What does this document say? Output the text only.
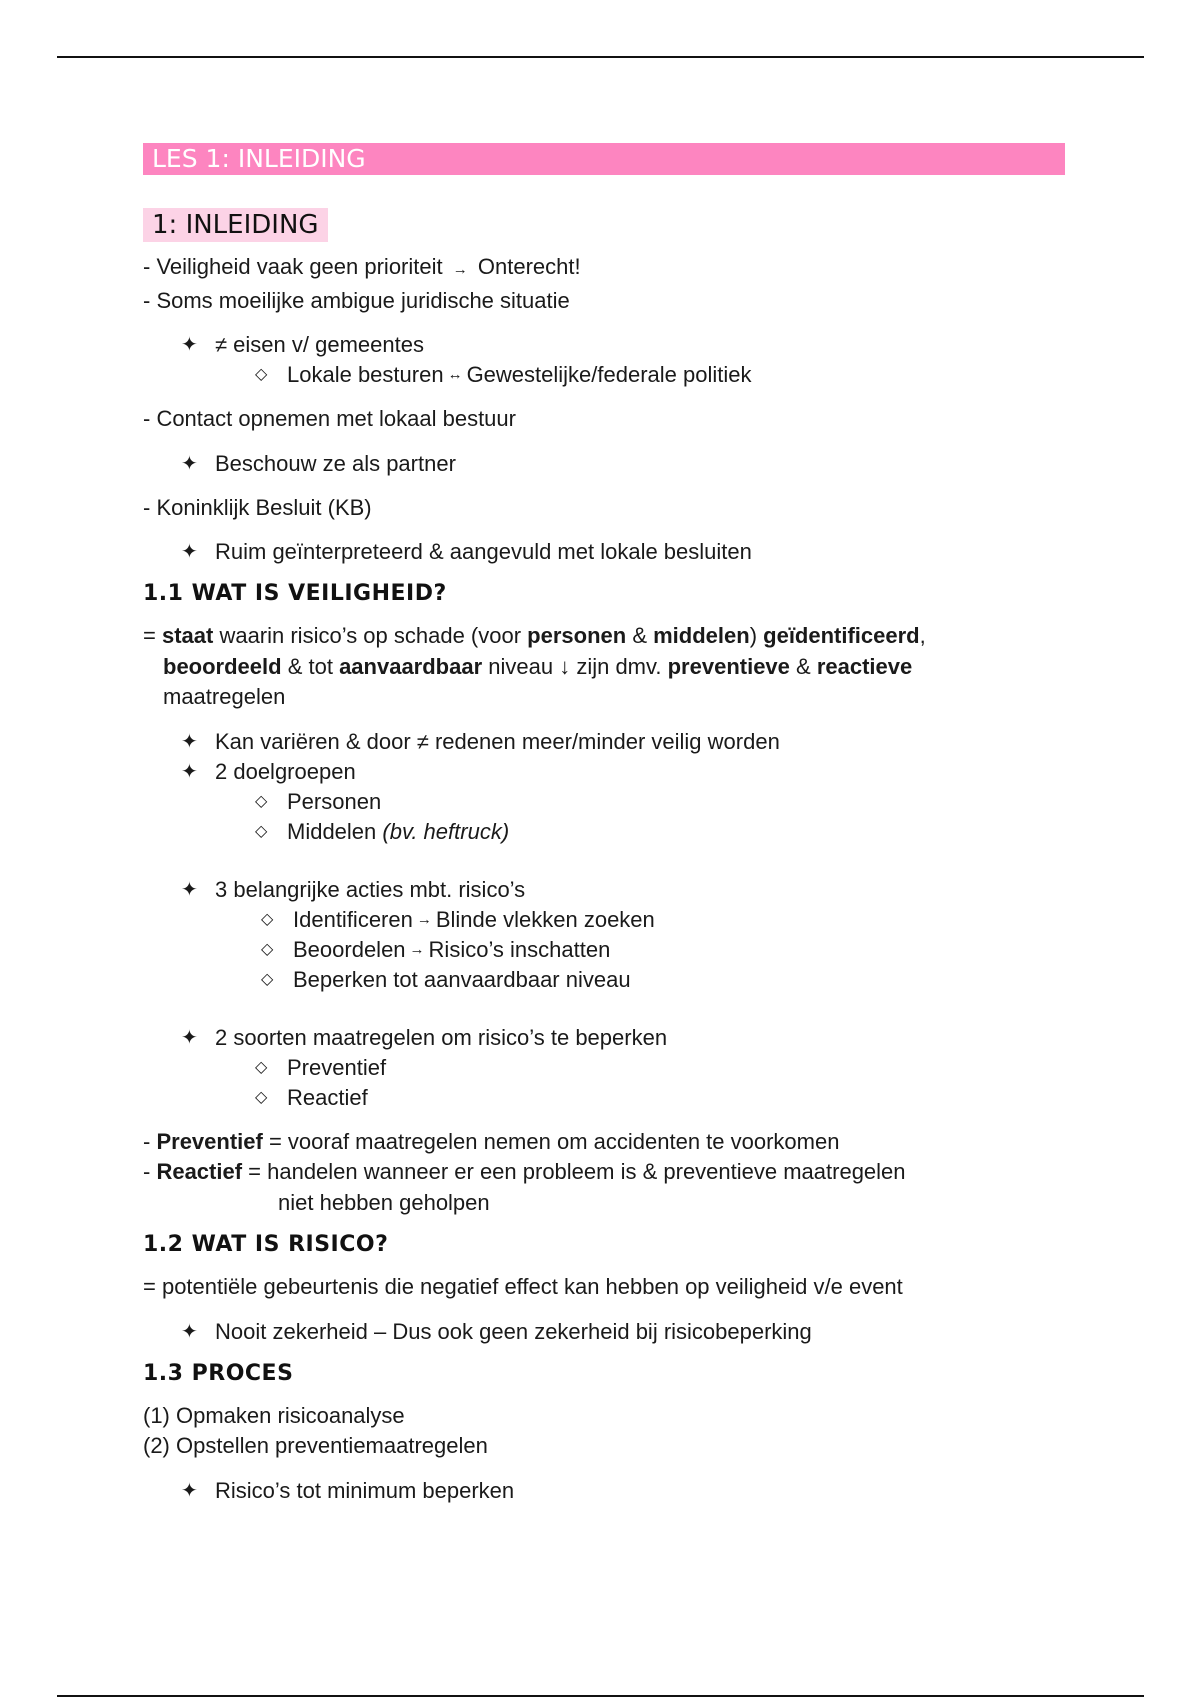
LES 1: INLEIDING
1: INLEIDING

- Veiligheid vaak geen prioriteit → Onterecht!

- Soms moeilijke ambigue juridische situatie

✦ ≠ eisen v/ gemeentes
◇ Lokale besturen ↔ Gewestelijke/federale politiek

- Contact opnemen met lokaal bestuur

✦ Beschouw ze als partner

- Koninklijk Besluit (KB)

✦ Ruim geïnterpreteerd & aangevuld met lokale besluiten
1.1 WAT IS VEILIGHEID?

= staat waarin risico’s op schade (voor personen & middelen) geïdentificeerd,

beoordeeld & tot aanvaardbaar niveau ↓ zijn dmv. preventieve & reactieve

maatregelen

✦ Kan variëren & door ≠ redenen meer/minder veilig worden
✦ 2 doelgroepen
◇ Personen
◇ Middelen
(bv. heftruck)
✦ 3 belangrijke acties mbt. risico’s
◇ Identificeren → Blinde vlekken zoeken
◇ Beoordelen → Risico’s inschatten
◇ Beperken tot aanvaardbaar niveau
✦ 2 soorten maatregelen om risico’s te beperken
◇ Preventief
◇ Reactief

- Preventief = vooraf maatregelen nemen om accidenten te voorkomen

- Reactief = handelen wanneer er een probleem is & preventieve maatregelen

niet hebben geholpen

1.2 WAT IS RISICO?

= potentiële gebeurtenis die negatief effect kan hebben op veiligheid v/e event

✦ Nooit zekerheid – Dus ook geen zekerheid bij risicobeperking
1.3 PROCES

(1) Opmaken risicoanalyse

(2) Opstellen preventiemaatregelen

✦ Risico’s tot minimum beperken
